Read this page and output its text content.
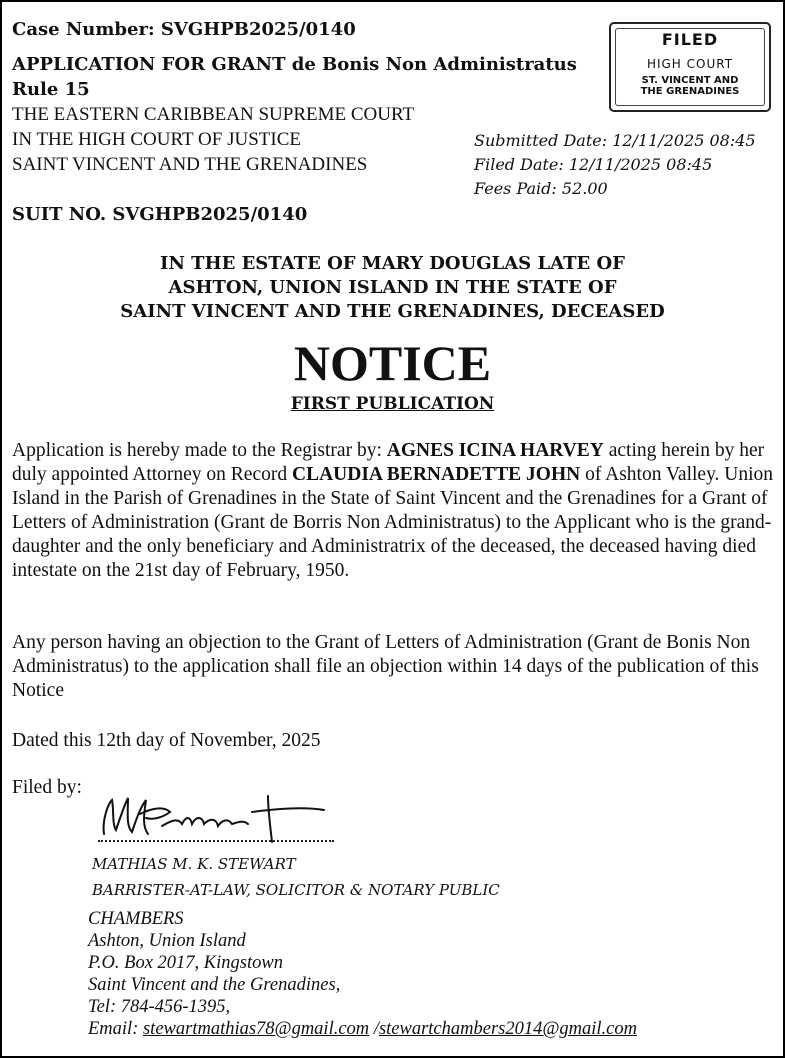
Case Number: SVGHPB2025/0140
APPLICATION FOR GRANT de Bonis Non Administratus
Rule 15
THE EASTERN CARIBBEAN SUPREME COURT
IN THE HIGH COURT OF JUSTICE
SAINT VINCENT AND THE GRENADINES
SUIT NO. SVGHPB2025/0140
FILED
HIGH COURT
ST. VINCENT AND
THE GRENADINES
Submitted Date: 12/11/2025 08:45
Filed Date: 12/11/2025 08:45
Fees Paid: 52.00
IN THE ESTATE OF MARY DOUGLAS LATE OF
ASHTON, UNION ISLAND IN THE STATE OF
SAINT VINCENT AND THE GRENADINES, DECEASED
NOTICE
FIRST PUBLICATION
Application is hereby made to the Registrar by: AGNES ICINA HARVEY acting herein by her duly appointed Attorney on Record CLAUDIA BERNADETTE JOHN of Ashton Valley. Union Island in the Parish of Grenadines in the State of Saint Vincent and the Grenadines for a Grant of Letters of Administration (Grant de Borris Non Administratus) to the Applicant who is the grand-daughter and the only beneficiary and Administratrix of the deceased, the deceased having died intestate on the 21st day of February, 1950.
Any person having an objection to the Grant of Letters of Administration (Grant de Bonis Non Administratus) to the application shall file an objection within 14 days of the publication of this Notice
Dated this 12th day of November, 2025
Filed by:
MATHIAS M. K. STEWART
BARRISTER-AT-LAW, SOLICITOR & NOTARY PUBLIC
CHAMBERS
Ashton, Union Island
P.O. Box 2017, Kingstown
Saint Vincent and the Grenadines,
Tel: 784-456-1395,
Email: stewartmathias78@gmail.com /stewartchambers2014@gmail.com
